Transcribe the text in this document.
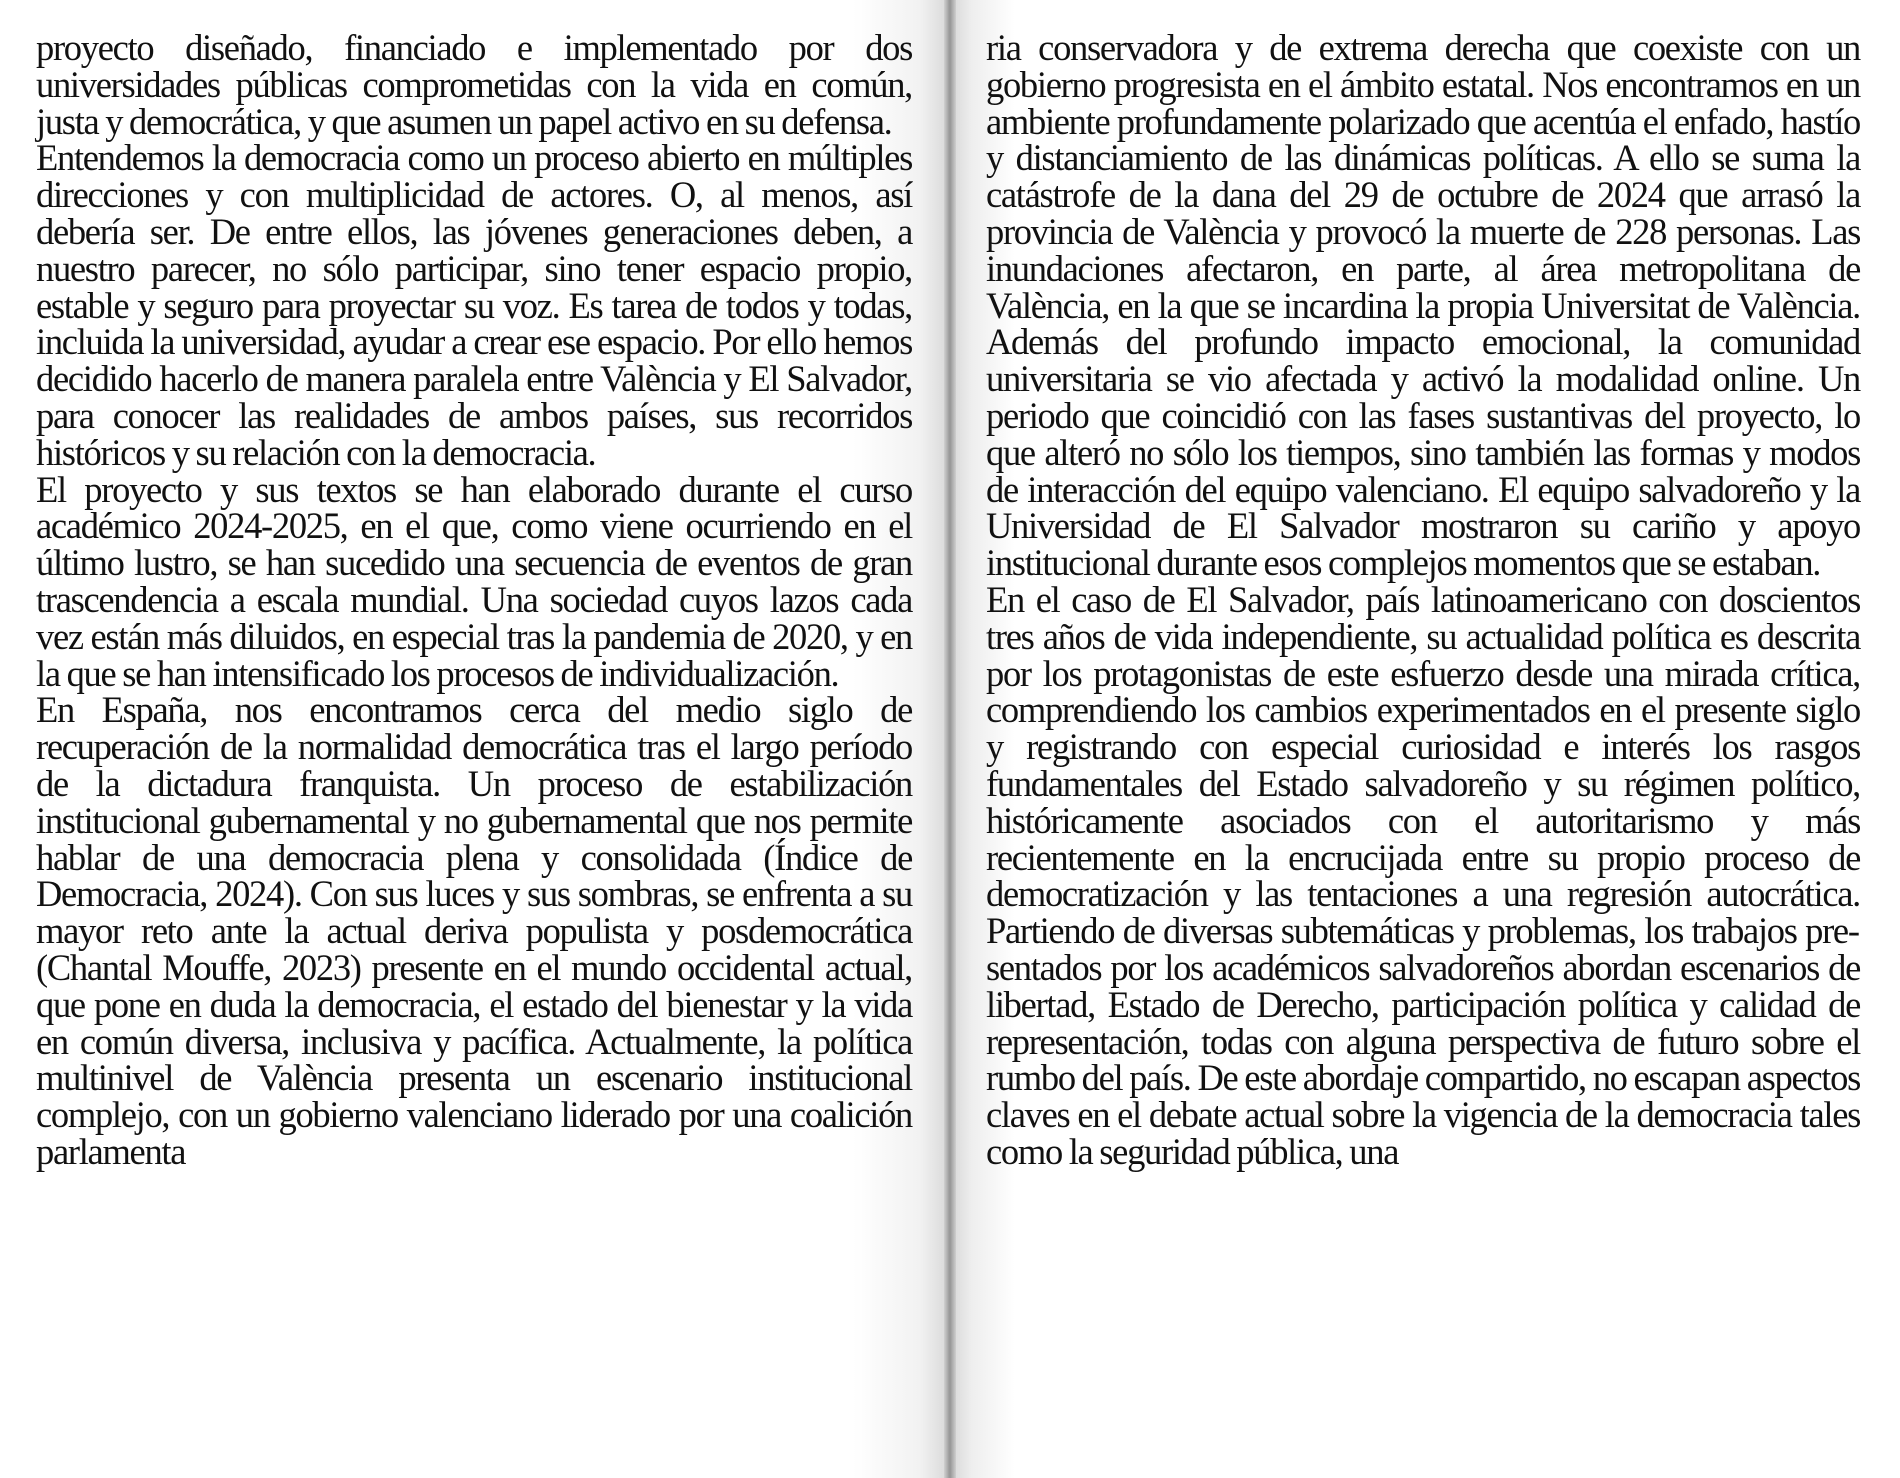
proyecto diseñado, financiado e implementado por dos universidades públicas comprometidas con la vida en común, justa y democrática, y que asumen un papel activo en su defensa.

Entendemos la democracia como un proceso abierto en múltiples direcciones y con multiplicidad de actores. O, al menos, así debería ser. De entre ellos, las jóvenes generaciones deben, a nuestro parecer, no sólo participar, sino tener espacio propio, estable y seguro para proyectar su voz. Es tarea de todos y todas, incluida la universidad, ayudar a crear ese espacio. Por ello hemos decidido hacerlo de manera paralela entre València y El Salvador, para conocer las realidades de ambos países, sus recorridos históricos y su relación con la democracia.

El proyecto y sus textos se han elaborado durante el curso académico 2024-2025, en el que, como viene ocurriendo en el último lustro, se han sucedido una secuencia de eventos de gran trascendencia a escala mundial. Una sociedad cuyos lazos cada vez están más diluidos, en especial tras la pandemia de 2020, y en la que se han intensificado los procesos de individualización.

En España, nos encontramos cerca del medio siglo de recuperación de la normalidad democrática tras el largo período de la dictadura franquista. Un proceso de estabilización institucional gubernamental y no gubernamental que nos permite hablar de una democracia plena y consolidada (Índice de Democracia, 2024). Con sus luces y sus sombras, se enfrenta a su mayor reto ante la actual deriva populista y posdemocrática (Chantal Mouffe, 2023) presente en el mundo occidental actual, que pone en duda la democracia, el estado del bienestar y la vida en común diversa, inclusiva y pacífica. Actualmente, la política multinivel de València presenta un escenario institucional complejo, con un gobierno valenciano liderado por una coalición parlamenta

ria conservadora y de extrema derecha que coexiste con un gobierno progresista en el ámbito estatal. Nos encontramos en un ambiente profundamente polarizado que acentúa el enfado, hastío y distanciamiento de las dinámicas políticas. A ello se suma la catástrofe de la dana del 29 de octubre de 2024 que arrasó la provincia de València y provocó la muerte de 228 personas. Las inundaciones afectaron, en parte, al área metropolitana de València, en la que se incardina la propia Universitat de València. Además del profundo impacto emocional, la comunidad universitaria se vio afectada y activó la modalidad online. Un periodo que coincidió con las fases sustantivas del proyecto, lo que alteró no sólo los tiempos, sino también las formas y modos de interacción del equipo valenciano. El equipo salvadoreño y la Universidad de El Salvador mostraron su cariño y apoyo institucional durante esos complejos momentos que se estaban.

En el caso de El Salvador, país latinoamericano con doscientos tres años de vida independiente, su actualidad política es descrita por los protagonistas de este esfuerzo desde una mirada crítica, comprendiendo los cambios experimentados en el presente siglo y registrando con especial curiosidad e interés los rasgos fundamentales del Estado salvadoreño y su régimen político, históricamente asociados con el autoritarismo y más recientemente en la encrucijada entre su propio proceso de democratización y las tentaciones a una regresión autocrática. Partiendo de diversas subtemáticas y problemas, los trabajos presentados por los académicos salvadoreños abordan escenarios de libertad, Estado de Derecho, participación política y calidad de representación, todas con alguna perspectiva de futuro sobre el rumbo del país. De este abordaje compartido, no escapan aspectos claves en el debate actual sobre la vigencia de la democracia tales como la seguridad pública, una
